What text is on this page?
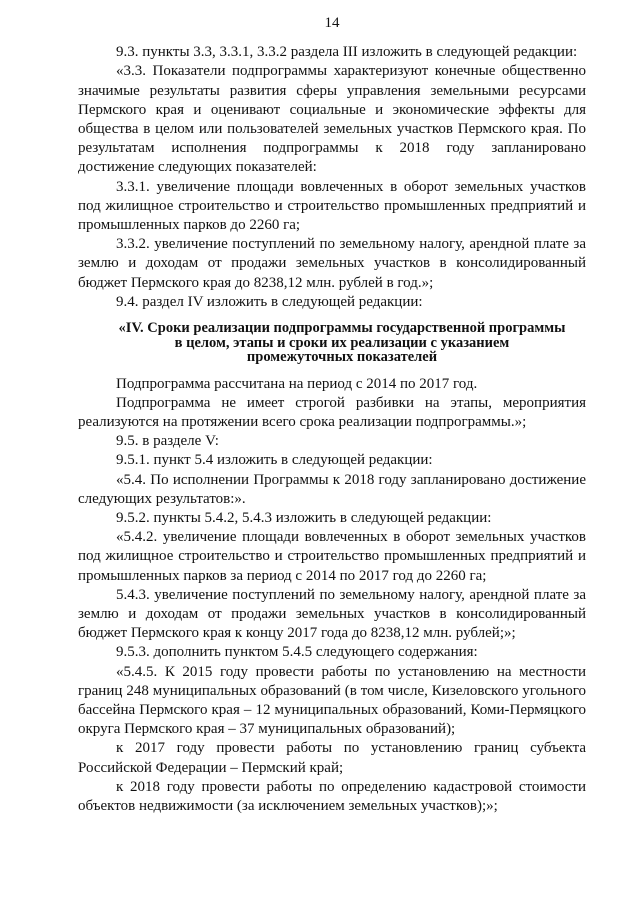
14

9.3. пункты 3.3, 3.3.1, 3.3.2 раздела III изложить в следующей редакции:

«3.3. Показатели подпрограммы характеризуют конечные общественно значимые результаты развития сферы управления земельными ресурсами Пермского края и оценивают социальные и экономические эффекты для общества в целом или пользователей земельных участков Пермского края. По результатам исполнения подпрограммы к 2018 году запланировано достижение следующих показателей:

3.3.1. увеличение площади вовлеченных в оборот земельных участков под жилищное строительство и строительство промышленных предприятий и промышленных парков до 2260 га;

3.3.2. увеличение поступлений по земельному налогу, арендной плате за землю и доходам от продажи земельных участков в консолидированный бюджет Пермского края до 8238,12 млн. рублей в год.»;

9.4. раздел IV изложить в следующей редакции:

«IV. Сроки реализации подпрограммы государственной программы
в целом, этапы и сроки их реализации с указанием
промежуточных показателей

Подпрограмма рассчитана на период с 2014 по 2017 год.

Подпрограмма не имеет строгой разбивки на этапы, мероприятия реализуются на протяжении всего срока реализации подпрограммы.»;

9.5. в разделе V:

9.5.1. пункт 5.4 изложить в следующей редакции:

«5.4. По исполнении Программы к 2018 году запланировано достижение следующих результатов:».

9.5.2. пункты 5.4.2, 5.4.3 изложить в следующей редакции:

«5.4.2. увеличение площади вовлеченных в оборот земельных участков под жилищное строительство и строительство промышленных предприятий и промышленных парков за период с 2014 по 2017 год до 2260 га;

5.4.3. увеличение поступлений по земельному налогу, арендной плате за землю и доходам от продажи земельных участков в консолидированный бюджет Пермского края к концу 2017 года до 8238,12 млн. рублей;»;

9.5.3. дополнить пунктом 5.4.5 следующего содержания:

«5.4.5. К 2015 году провести работы по установлению на местности границ 248 муниципальных образований (в том числе, Кизеловского угольного бассейна Пермского края – 12 муниципальных образований, Коми-Пермяцкого округа Пермского края – 37 муниципальных образований);

к 2017 году провести работы по установлению границ субъекта Российской Федерации – Пермский край;

к 2018 году провести работы по определению кадастровой стоимости объектов недвижимости (за исключением земельных участков);»;
